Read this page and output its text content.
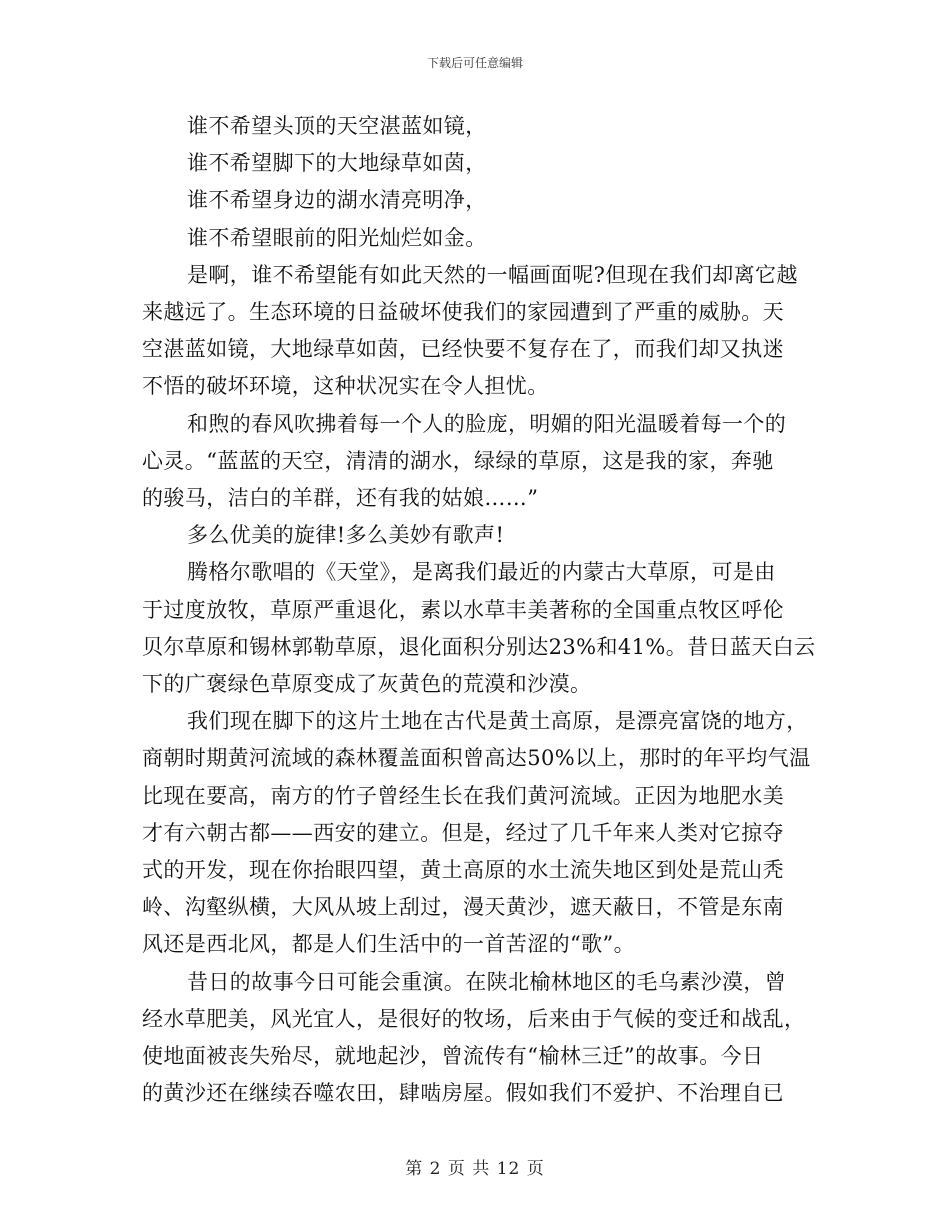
下载后可任意编辑
谁不希望头顶的天空湛蓝如镜，
谁不希望脚下的大地绿草如茵，
谁不希望身边的湖水清亮明净，
谁不希望眼前的阳光灿烂如金。
是啊，谁不希望能有如此天然的一幅画面呢?但现在我们却离它越
来越远了。生态环境的日益破坏使我们的家园遭到了严重的威胁。天
空湛蓝如镜，大地绿草如茵，已经快要不复存在了，而我们却又执迷
不悟的破坏环境，这种状况实在令人担忧。
和煦的春风吹拂着每一个人的脸庞，明媚的阳光温暖着每一个的
心灵。“蓝蓝的天空，清清的湖水，绿绿的草原，这是我的家，奔驰
的骏马，洁白的羊群，还有我的姑娘……”
多么优美的旋律!多么美妙有歌声!
腾格尔歌唱的《天堂》，是离我们最近的内蒙古大草原，可是由
于过度放牧，草原严重退化，素以水草丰美著称的全国重点牧区呼伦
贝尔草原和锡林郭勒草原，退化面积分别达23%和41%。昔日蓝天白云
下的广褒绿色草原变成了灰黄色的荒漠和沙漠。
我们现在脚下的这片土地在古代是黄土高原，是漂亮富饶的地方，
商朝时期黄河流域的森林覆盖面积曾高达50%以上，那时的年平均气温
比现在要高，南方的竹子曾经生长在我们黄河流域。正因为地肥水美
才有六朝古都——西安的建立。但是，经过了几千年来人类对它掠夺
式的开发，现在你抬眼四望，黄土高原的水土流失地区到处是荒山秃
岭、沟壑纵横，大风从坡上刮过，漫天黄沙，遮天蔽日，不管是东南
风还是西北风，都是人们生活中的一首苦涩的“歌”。
昔日的故事今日可能会重演。在陕北榆林地区的毛乌素沙漠，曾
经水草肥美，风光宜人，是很好的牧场，后来由于气候的变迁和战乱，
使地面被丧失殆尽，就地起沙，曾流传有“榆林三迁”的故事。今日
的黄沙还在继续吞噬农田，肆啮房屋。假如我们不爱护、不治理自已
第 2 页 共 12 页
